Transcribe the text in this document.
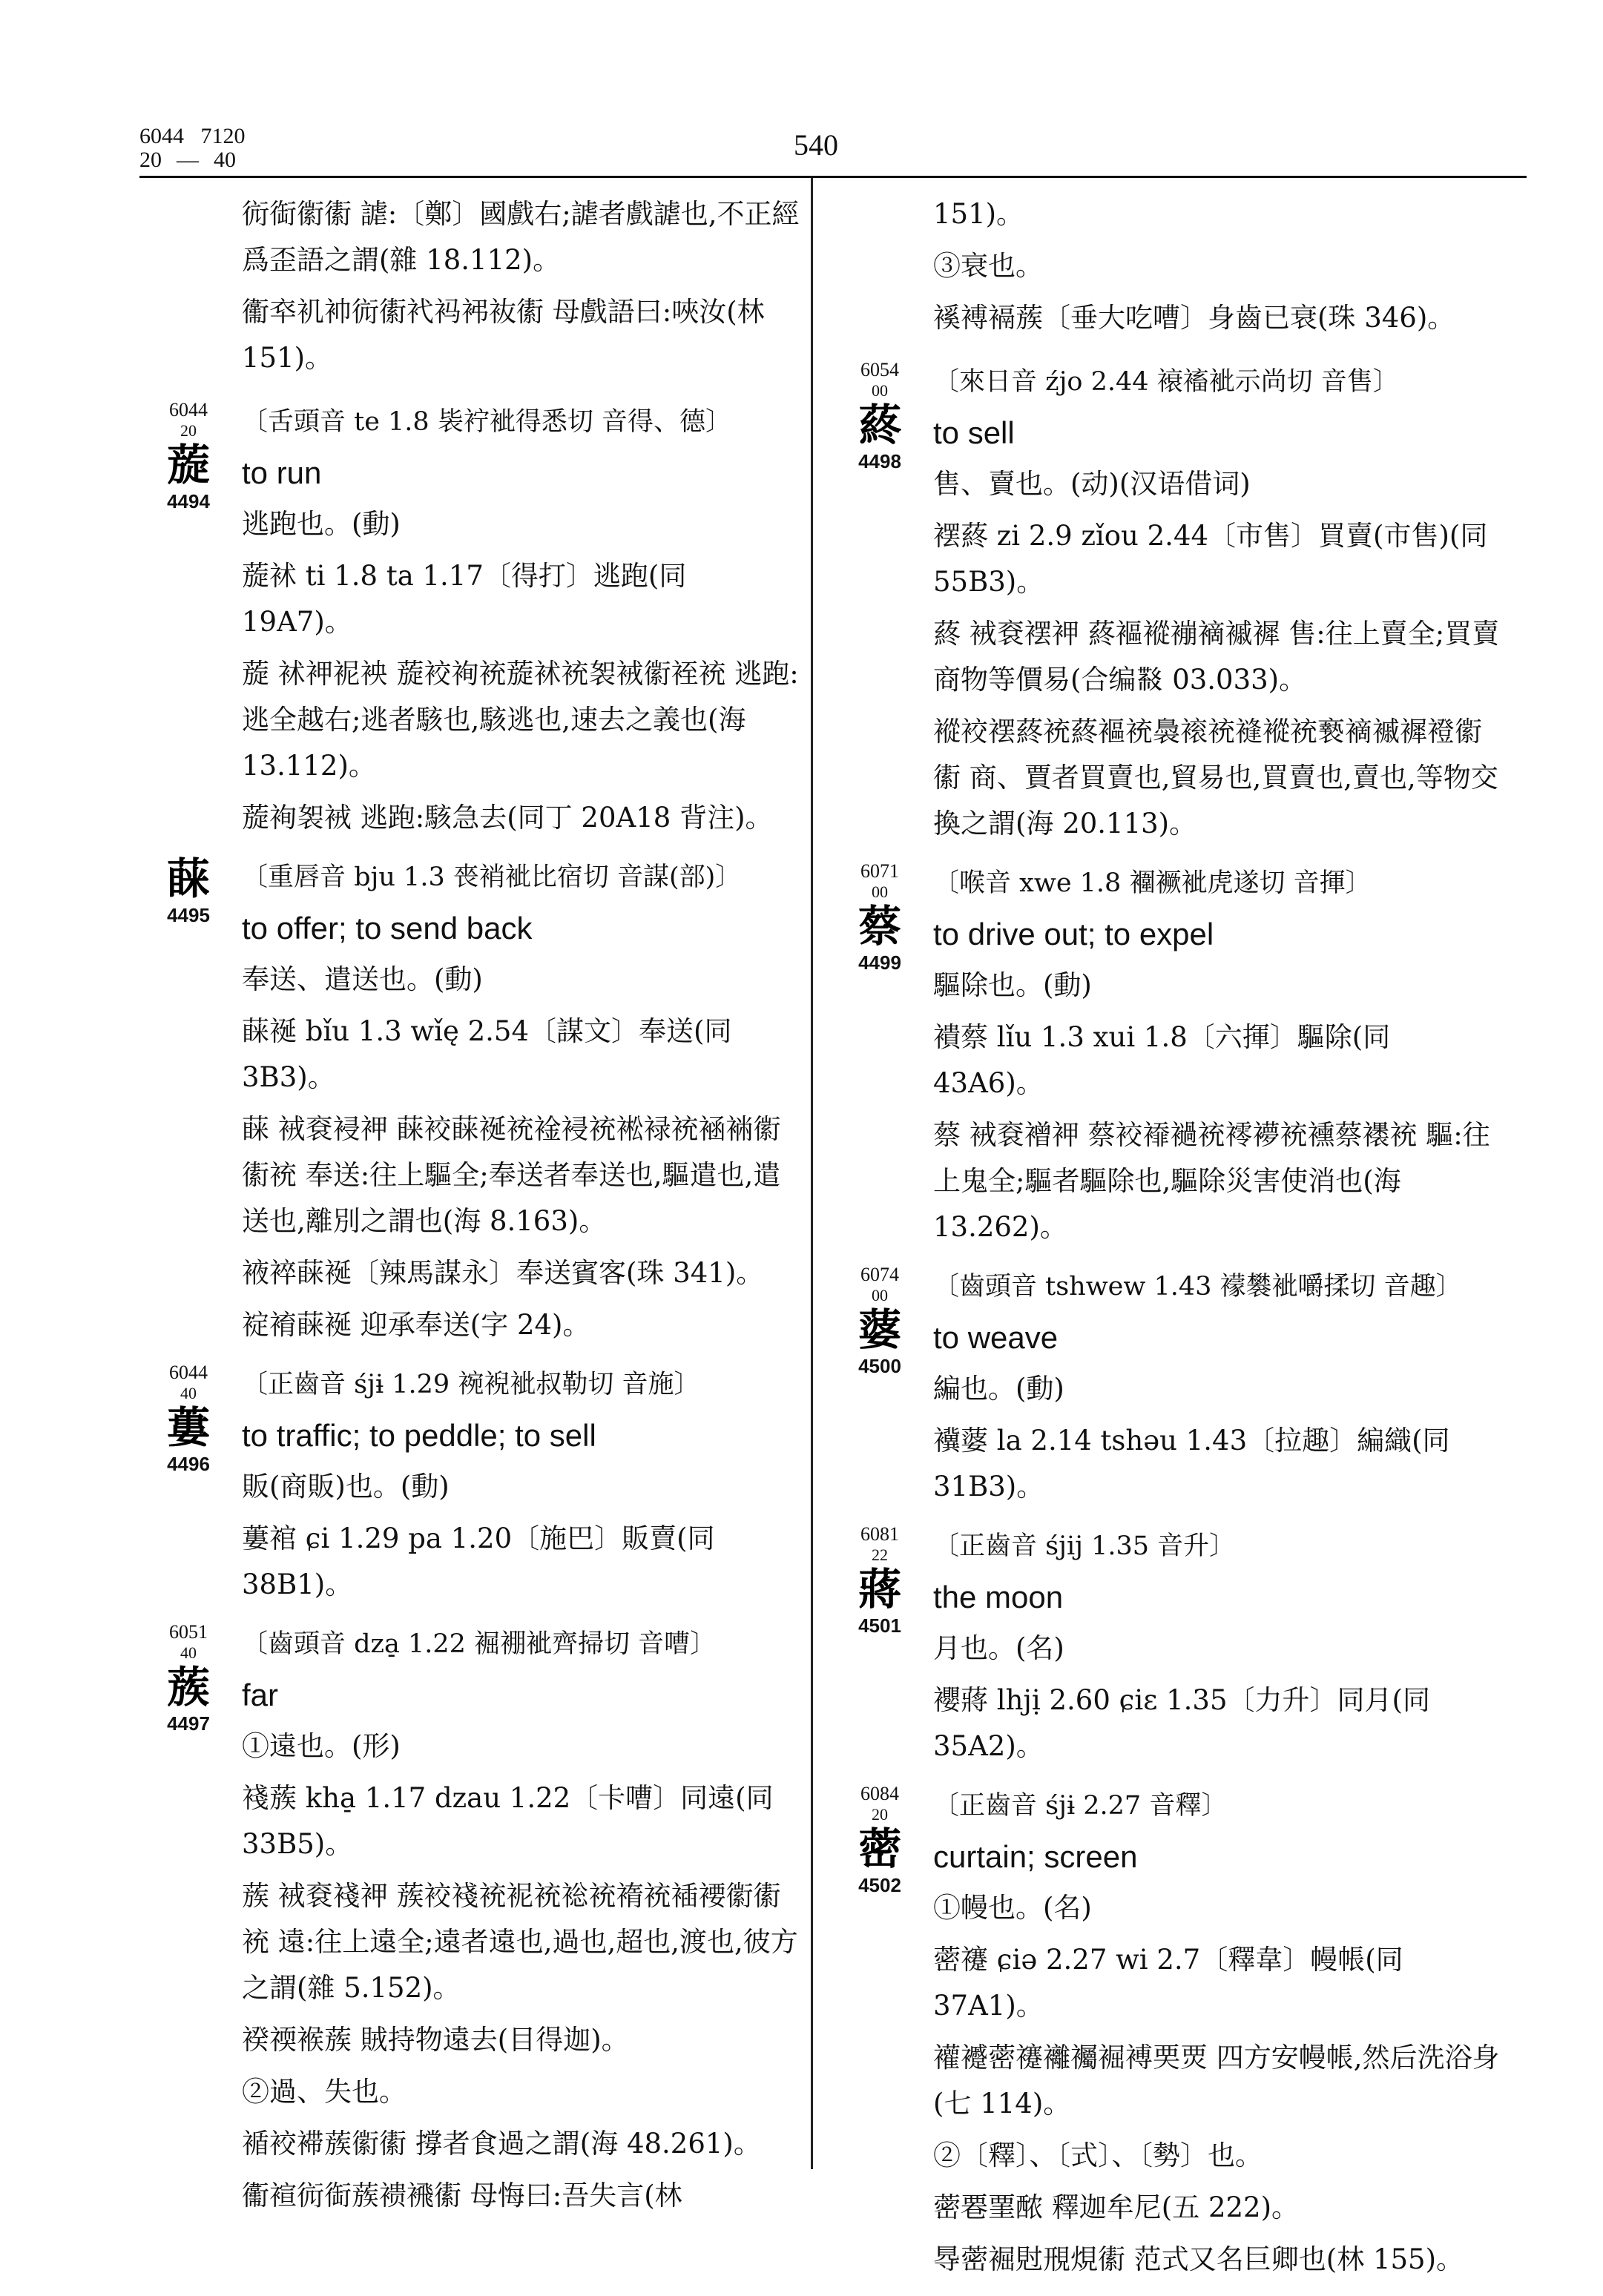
6044 7120
20 — 40	540

䘕䘖䘗䘘 謔:〔鄭〕國戲右;謔者戲謔也,不正經爲歪語之謂(雜 18.112)。

䘙䘚䘛䘜䘕䘘䘝䘞䘟䘠䘘 母戲語曰:唊汝(林 151)。

6044
20
蔙
4494

〔舌頭音 te 1.8 䘡䘢䘣得悉切 音得、德〕

to run

逃跑也。(動)

蔙䘤 ti 1.8 ta 1.17〔得打〕逃跑(同 19A7)。

蔙 䘤䘥䘦䘧 蔙䘨䘩䘪蔙䘤䘪䘫䘬䘗䘭䘪 逃跑:逃全越右;逃者駭也,駭逃也,速去之義也(海 13.112)。

蔙䘩䘫䘬 逃跑:駭急去(同丁 20A18 背注)。

蔝
4495

〔重唇音 bju 1.3 䘮䘯䘣比宿切 音謀(部)〕

to offer; to send back

奉送、遣送也。(動)

蔝䘰 bǐu 1.3 wǐę 2.54〔謀文〕奉送(同 3B3)。

蔝 䘬䘱䘲䘥 蔝䘨蔝䘰䘪䘳䘲䘪䘴䘵䘪䘶䘷䘗䘘䘪 奉送:往上驅全;奉送者奉送也,驅遣也,遣送也,離別之謂也(海 8.163)。

䘸䘹蔝䘰〔辣馬謀永〕奉送賓客(珠 341)。

䘺䘻蔝䘰 迎承奉送(字 24)。

6044
40
蔞
4496

〔正齒音 śjɨ 1.29 䘼䘽䘣叔勒切 音施〕

to traffic; to peddle; to sell

販(商販)也。(動)

蔞䘾 ɕi 1.29 pa 1.20〔施巴〕販賣(同 38B1)。

6051
40
蔟
4497

〔齒頭音 dza̠ 1.22 䘿䙀䘣齊掃切 音嘈〕

far

①遠也。(形)

䙁蔟 kha̠ 1.17 dzau 1.22〔卡嘈〕同遠(同 33B5)。

蔟 䘬䘱䙁䘥 蔟䘨䙁䘪䘦䘪䙂䘪䙃䘪䙄䙅䘗䘘䘪 遠:往上遠全;遠者遠也,過也,超也,渡也,彼方之謂(雜 5.152)。

䙆䙇䙈蔟 賊持物遠去(目得迦)。

②過、失也。

䙉䘨䙊蔟䘗䘘 撐者食過之謂(海 48.261)。

䘙䙋䘕䘖蔟䙌䙍䘘 母悔曰:吾失言(林

151)。

③衰也。

䙎䙏䙐蔟〔垂大吃嘈〕身齒已衰(珠 346)。

6054
00
蔠
4498

〔來日音 źjo 2.44 䙑䙒䘣示尚切 音售〕

to sell

售、賣也。(动)(汉语借词)

䙓蔠 zi 2.9 zǐou 2.44〔市售〕買賣(市售)(同 55B3)。

蔠 䘬䘱䙓䘥 蔠䙔䙕䙖䙗䙘䙙 售:往上賣全;買賣商物等價易(合编𘜶 03.033)。

䙕䘨䙓蔠䘪蔠䙔䘪䙚䙛䘪䙜䙕䘪䙝䙗䙘䙙䙞䘗䘘 商、賈者買賣也,貿易也,買賣也,賣也,等物交換之謂(海 20.113)。

6071
00
蔡
4499

〔喉音 xwe 1.8 䙟䙠䘣虎遂切 音揮〕

to drive out; to expel

驅除也。(動)

䙡蔡 lǐu 1.3 xui 1.8〔六揮〕驅除(同 43A6)。

蔡 䘬䘱䙢䘥 蔡䘨䙣䙤䘪䙥䙦䘪䙧蔡䙨䘪 驅:往上鬼全;驅者驅除也,驅除災害使消也(海 13.262)。

6074
00
蔢
4500

〔齒頭音 tshwew 1.43 䙩䙪䘣嚼揉切 音趣〕

to weave

編也。(動)

䙫蔢 la 2.14 tshəu 1.43〔拉趣〕編織(同 31B3)。

6081
22
蔣
4501

〔正齒音 śjij 1.35 音升〕

the moon

月也。(名)

䙬蔣 lhjị 2.60 ɕiɛ 1.35〔力升〕同月(同 35A2)。

6084
20
蔤
4502

〔正齒音 śjɨ 2.27 音釋〕

curtain; screen

①幔也。(名)

蔤䙭 ɕiə 2.27 wi 2.7〔釋韋〕幔帳(同 37A1)。

䙮䙯蔤䙭䙰䙱䘿䙏䙲䙳 四方安幔帳,然后洗浴身(七 114)。

②〔釋〕、〔式〕、〔勢〕也。

蔤䙴䙵䙶 釋迦牟尼(五 222)。

䙷蔤䘿䙸䙹䙺䘘 范式又名巨卿也(林 155)。
